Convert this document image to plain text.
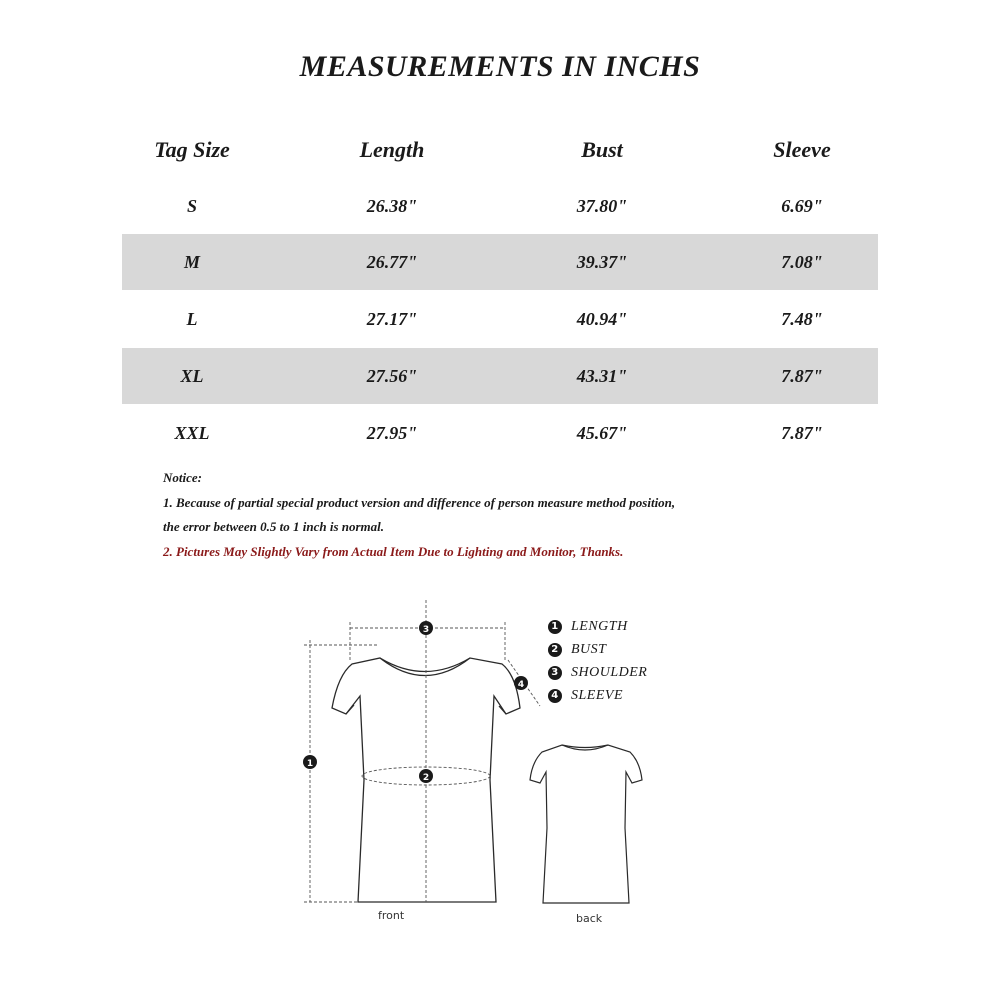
MEASUREMENTS IN INCHS
Tag Size	Length	Bust	Sleeve
S	26.38"	37.80"	6.69"
M	26.77"	39.37"	7.08"
L	27.17"	40.94"	7.48"
XL	27.56"	43.31"	7.87"
XXL	27.95"	45.67"	7.87"
Notice:
1. Because of partial special product version and difference of person measure method position,
the error between 0.5 to 1 inch is normal.
2. Pictures May Slightly Vary from Actual Item Due to Lighting and Monitor, Thanks.
3
2
1
4
front	back
1 LENGTH
2 BUST
3 SHOULDER
4 SLEEVE
